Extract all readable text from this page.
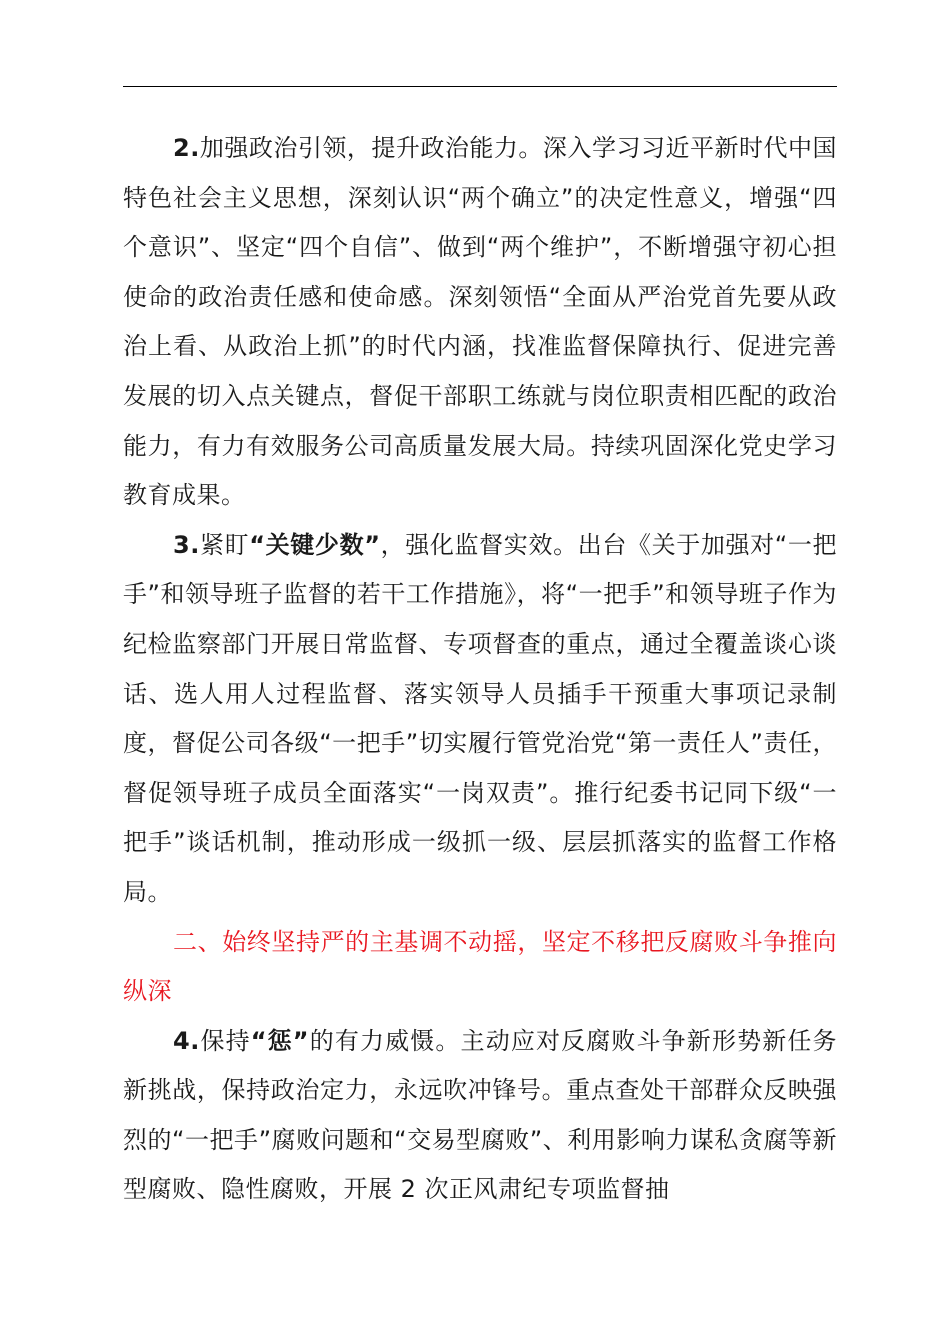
2.加强政治引领，提升政治能力。深入学习习近平新时代中国特色社会主义思想，深刻认识“两个确立”的决定性意义，增强“四个意识”、坚定“四个自信”、做到“两个维护”，不断增强守初心担使命的政治责任感和使命感。深刻领悟“全面从严治党首先要从政治上看、从政治上抓”的时代内涵，找准监督保障执行、促进完善发展的切入点关键点，督促干部职工练就与岗位职责相匹配的政治能力，有力有效服务公司高质量发展大局。持续巩固深化党史学习教育成果。

3.紧盯“关键少数”，强化监督实效。出台《关于加强对“一把手”和领导班子监督的若干工作措施》，将“一把手”和领导班子作为纪检监察部门开展日常监督、专项督查的重点，通过全覆盖谈心谈话、选人用人过程监督、落实领导人员插手干预重大事项记录制度，督促公司各级“一把手”切实履行管党治党“第一责任人”责任，督促领导班子成员全面落实“一岗双责”。推行纪委书记同下级“一把手”谈话机制，推动形成一级抓一级、层层抓落实的监督工作格局。

二、始终坚持严的主基调不动摇，坚定不移把反腐败斗争推向纵深

4.保持“惩”的有力威慑。主动应对反腐败斗争新形势新任务新挑战，保持政治定力，永远吹冲锋号。重点查处干部群众反映强烈的“一把手”腐败问题和“交易型腐败”、利用影响力谋私贪腐等新型腐败、隐性腐败，开展 2 次正风肃纪专项监督抽
